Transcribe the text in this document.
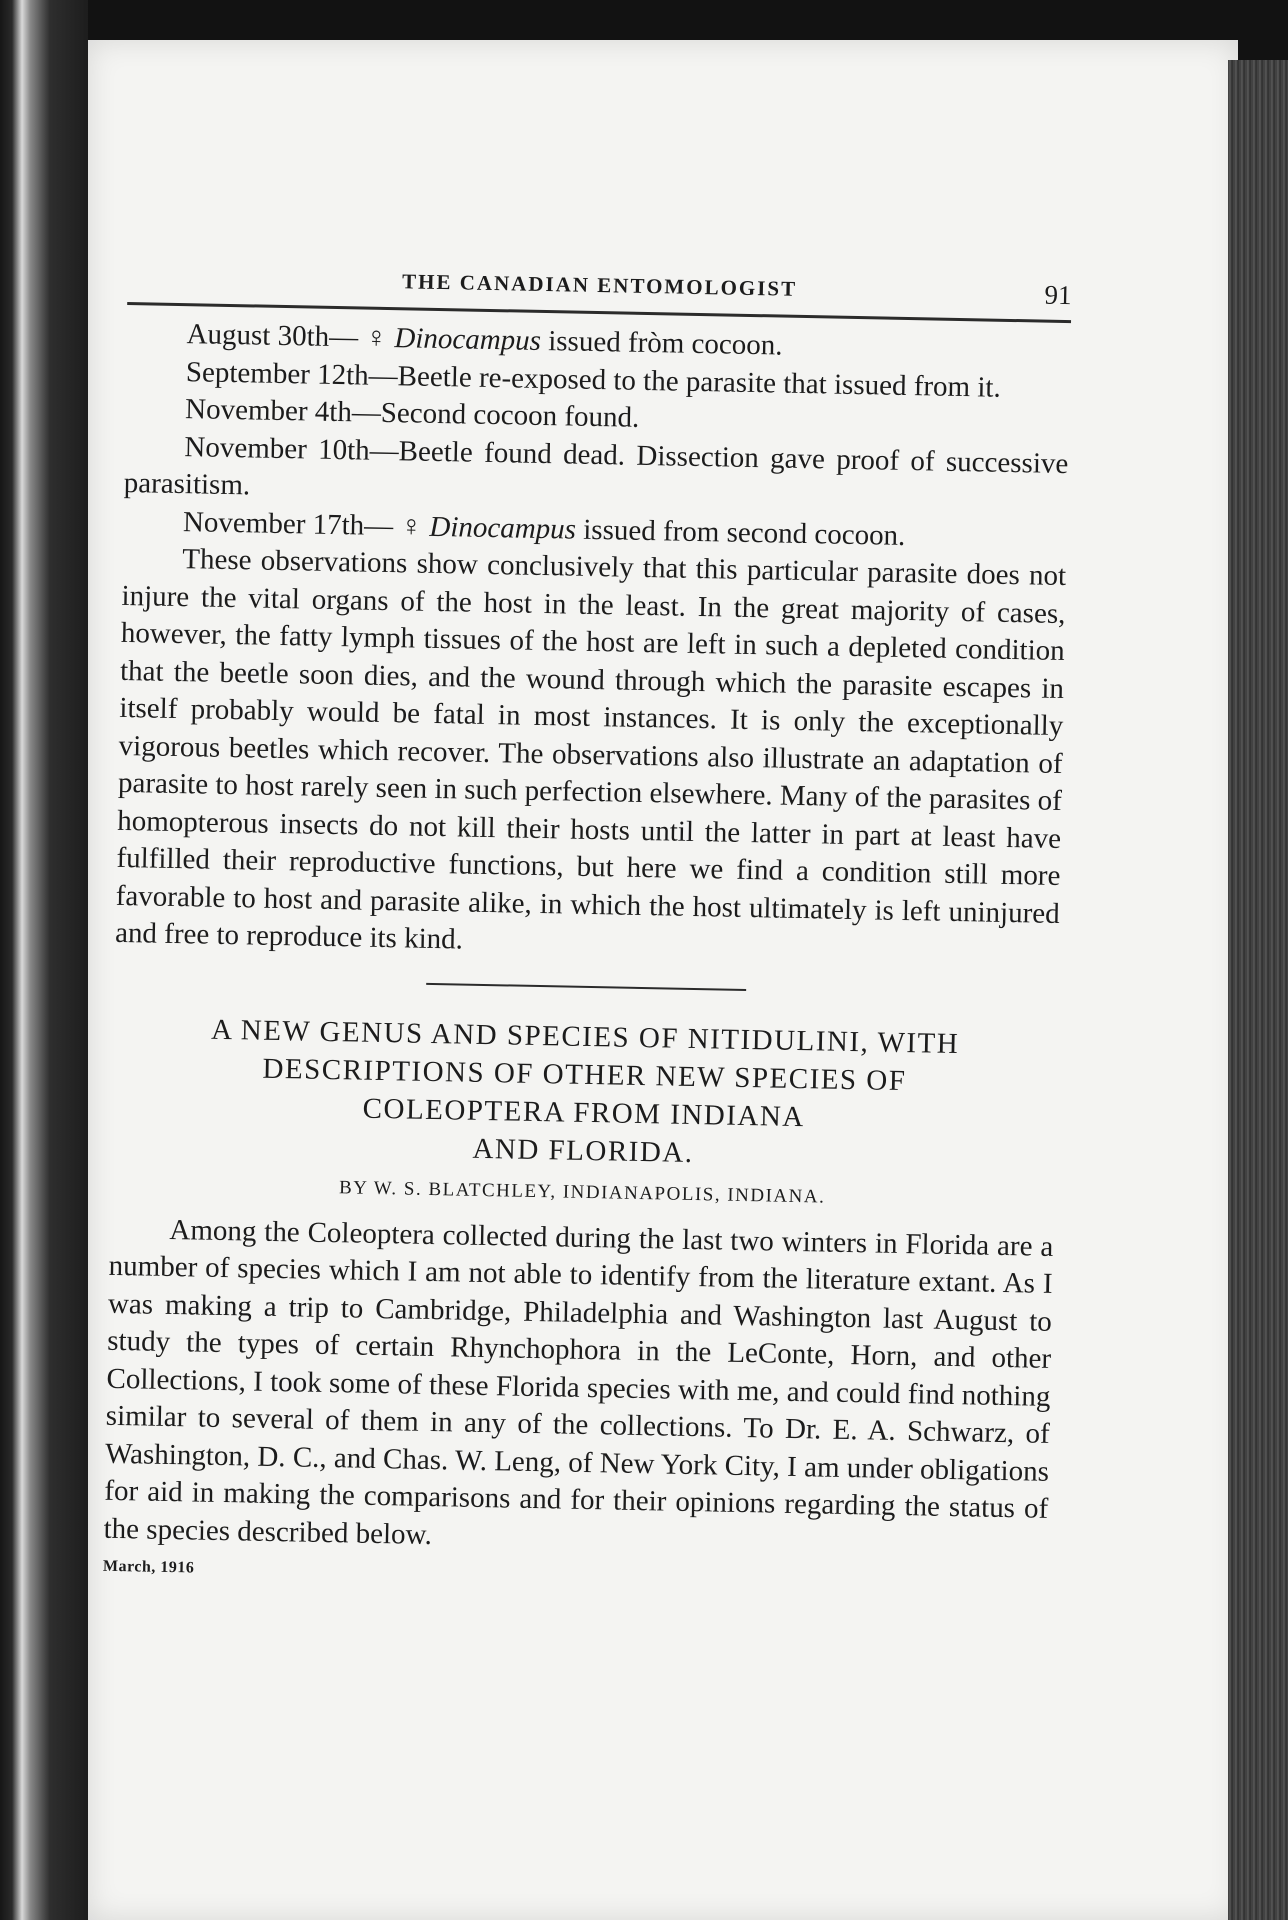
THE CANADIAN ENTOMOLOGIST	91

August 30th— ♀ Dinocampus issued fròm cocoon.

September 12th—Beetle re-exposed to the parasite that issued from it.

November 4th—Second cocoon found.

November 10th—Beetle found dead. Dissection gave proof of successive parasitism.

November 17th— ♀ Dinocampus issued from second cocoon.

These observations show conclusively that this particular parasite does not injure the vital organs of the host in the least. In the great majority of cases, however, the fatty lymph tissues of the host are left in such a depleted condition that the beetle soon dies, and the wound through which the parasite escapes in itself probably would be fatal in most instances. It is only the exceptionally vigorous beetles which recover. The observations also illustrate an adaptation of parasite to host rarely seen in such perfection elsewhere. Many of the parasites of homopterous insects do not kill their hosts until the latter in part at least have fulfilled their reproductive functions, but here we find a condition still more favorable to host and parasite alike, in which the host ultimately is left uninjured and free to reproduce its kind.

A NEW GENUS AND SPECIES OF NITIDULINI, WITH
DESCRIPTIONS OF OTHER NEW SPECIES OF
COLEOPTERA FROM INDIANA
AND FLORIDA.
BY W. S. BLATCHLEY, INDIANAPOLIS, INDIANA.

Among the Coleoptera collected during the last two winters in Florida are a number of species which I am not able to identify from the literature extant. As I was making a trip to Cambridge, Philadelphia and Washington last August to study the types of certain Rhynchophora in the LeConte, Horn, and other Collections, I took some of these Florida species with me, and could find nothing similar to several of them in any of the collections. To Dr. E. A. Schwarz, of Washington, D. C., and Chas. W. Leng, of New York City, I am under obligations for aid in making the comparisons and for their opinions regarding the status of the species described below.

March, 1916
